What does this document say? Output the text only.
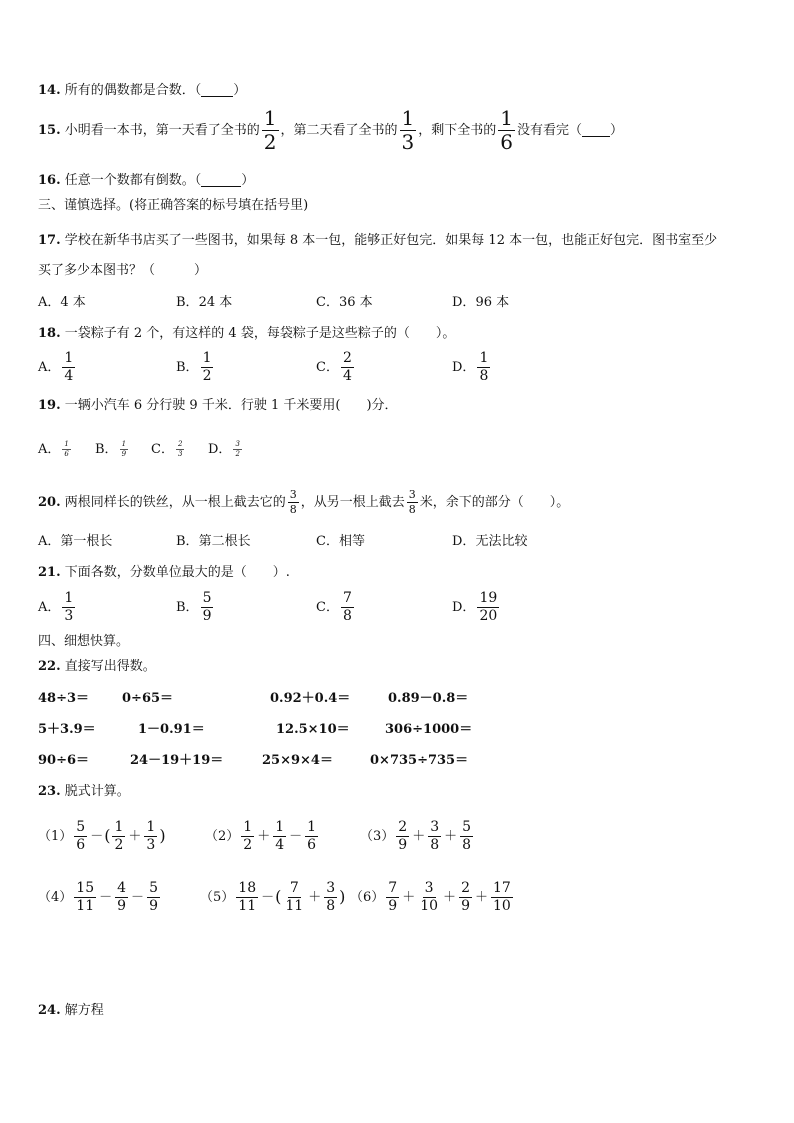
14. 所有的偶数都是合数．（ ）
15.
小明看一本书，第一天看了全书的 $\frac{1}{2}$ ，第二天看了全书的 $\frac{1}{3}$ ，剩下全书的 $\frac{1}{6}$ 没有看完（ ）
16. 任意一个数都有倒数。（	）
三、谨慎选择。(将正确答案的标号填在括号里)
17. 学校在新华书店买了一些图书，如果每 8 本一包，能够正好包完．如果每 12 本一包，也能正好包完．图书室至少
买了多少本图书？（　　　）
A．4 本	B．24 本	C．36 本	D．96 本
18. 一袋粽子有 2 个，有这样的 4 袋，每袋粽子是这些粽子的（　　）。
A． $\frac{1}{4}$	B． $\frac{1}{2}$	C． $\frac{2}{4}$	D． $\frac{1}{8}$
19. 一辆小汽车 6 分行驶 9 千米．行驶 1 千米要用(　　)分．
A． $\frac{1}{6}$ B． $\frac{1}{9}$ C． $\frac{2}{3}$ D． $\frac{3}{2}$
20.
两根同样长的铁丝，从一根上截去它的 $\frac{3}{8}$ ，从另一根上截去 $\frac{3}{8}$ 米，余下的部分（　　）。
A．第一根长	B．第二根长	C．相等	D．无法比较
21. 下面各数，分数单位最大的是（　　）.
A． $\frac{1}{3}$	B． $\frac{5}{9}$	C． $\frac{7}{8}$	D． $\frac{19}{20}$
四、细想快算。
22. 直接写出得数。
48÷3＝	0÷65＝	0.92＋0.4＝	0.89－0.8＝
5＋3.9＝	1－0.91＝	12.5×10＝	306÷1000＝
90÷6＝	24－19＋19＝	25×9×4＝	0×735÷735＝
23. 脱式计算。
$(1) \frac{5}{6}$ － ( $\frac{1}{2} + \frac{1}{3}$ )	$(2) \frac{1}{2} + \frac{1}{4} - \frac{1}{6}$	$(3) \frac{2}{9} + \frac{3}{8} + \frac{5}{8}$
$(4) \frac{15}{11} - \frac{4}{9} - \frac{5}{9}$	$(5) \frac{18}{11}$ － ( $\frac{7}{11} + \frac{3}{8}$ ) $(6) \frac{7}{9} + \frac{3}{10} + \frac{2}{9} + \frac{17}{10}$
24. 解方程
